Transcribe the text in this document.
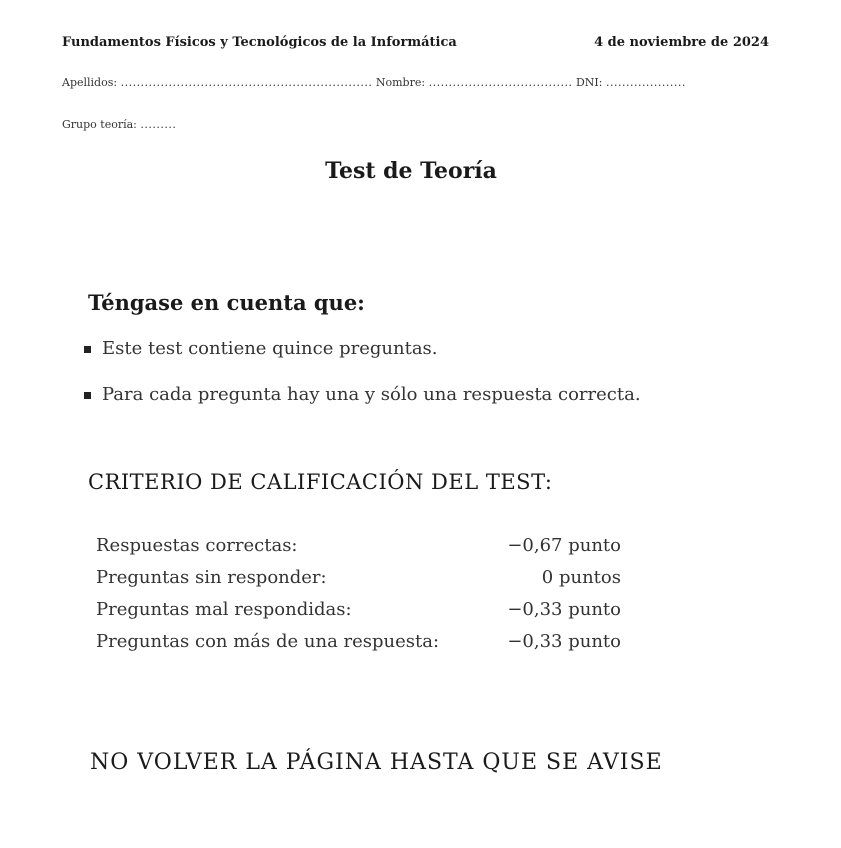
Fundamentos Físicos y Tecnológicos de la Informática	4 de noviembre de 2024
Apellidos: ............................................................... Nombre: .................................... DNI: ....................
Grupo teoría: .........
Test de Teoría
Téngase en cuenta que:
Este test contiene quince preguntas.
Para cada pregunta hay una y sólo una respuesta correcta.
CRITERIO DE CALIFICACIÓN DEL TEST:
Respuestas correctas:	−0,67 punto
Preguntas sin responder:	0 puntos
Preguntas mal respondidas:	−0,33 punto
Preguntas con más de una respuesta:	−0,33 punto
NO VOLVER LA PÁGINA HASTA QUE SE AVISE
